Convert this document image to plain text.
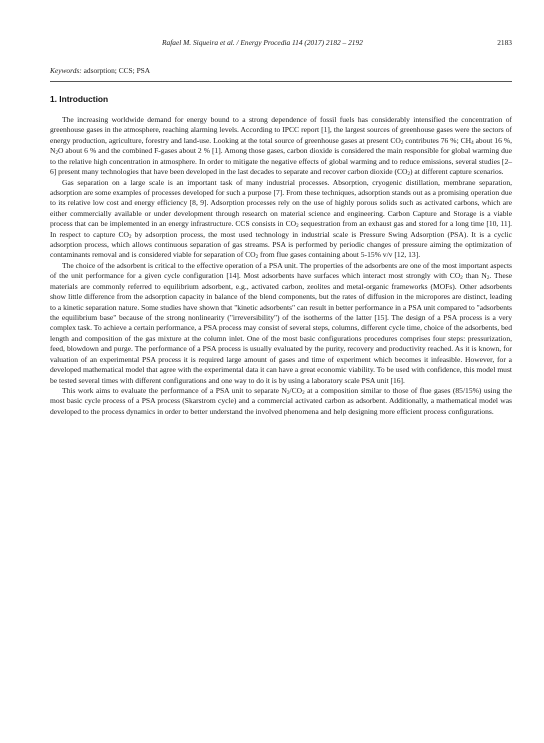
Rafael M. Siqueira et al. / Energy Procedia 114 (2017) 2182 – 2192	2183
Keywords: adsorption; CCS; PSA
1. Introduction

The increasing worldwide demand for energy bound to a strong dependence of fossil fuels has considerably intensified the concentration of greenhouse gases in the atmosphere, reaching alarming levels. According to IPCC report [1], the largest sources of greenhouse gases were the sectors of energy production, agriculture, forestry and land-use. Looking at the total source of greenhouse gases at present $CO_2$ contributes 76 %; $CH_4$ about 16 %, $N_2O$ about 6 % and the combined F-gases about 2 % [1]. Among those gases, carbon dioxide is considered the main responsible for global warming due to the relative high concentration in atmosphere. In order to mitigate the negative effects of global warming and to reduce emissions, several studies [2–6] present many technologies that have been developed in the last decades to separate and recover carbon dioxide $(CO_2)$ at different capture scenarios.

Gas separation on a large scale is an important task of many industrial processes. Absorption, cryogenic distillation, membrane separation, adsorption are some examples of processes developed for such a purpose [7]. From these techniques, adsorption stands out as a promising operation due to its relative low cost and energy efficiency [8, 9]. Adsorption processes rely on the use of highly porous solids such as activated carbons, which are either commercially available or under development through research on material science and engineering. Carbon Capture and Storage is a viable process that can be implemented in an energy infrastructure. CCS consists in $CO_2$ sequestration from an exhaust gas and stored for a long time [10, 11]. In respect to capture $CO_2$ by adsorption process, the most used technology in industrial scale is Pressure Swing Adsorption (PSA). It is a cyclic adsorption process, which allows continuous separation of gas streams. PSA is performed by periodic changes of pressure aiming the optimization of contaminants removal and is considered viable for separation of $CO_2$ from flue gases containing about 5-15% v/v [12, 13].

The choice of the adsorbent is critical to the effective operation of a PSA unit. The properties of the adsorbents are one of the most important aspects of the unit performance for a given cycle configuration [14]. Most adsorbents have surfaces which interact most strongly with $CO_2$ than $N_2$. These materials are commonly referred to equilibrium adsorbent, e.g., activated carbon, zeolites and metal-organic frameworks (MOFs). Other adsorbents show little difference from the adsorption capacity in balance of the blend components, but the rates of diffusion in the micropores are distinct, leading to a kinetic separation nature. Some studies have shown that "kinetic adsorbents" can result in better performance in a PSA unit compared to "adsorbents the equilibrium base" because of the strong nonlinearity ("irreversibility") of the isotherms of the latter [15]. The design of a PSA process is a very complex task. To achieve a certain performance, a PSA process may consist of several steps, columns, different cycle time, choice of the adsorbents, bed length and composition of the gas mixture at the column inlet. One of the most basic configurations procedures comprises four steps: pressurization, feed, blowdown and purge. The performance of a PSA process is usually evaluated by the purity, recovery and productivity reached. As it is known, for valuation of an experimental PSA process it is required large amount of gases and time of experiment which becomes it infeasible. However, for a developed mathematical model that agree with the experimental data it can have a great economic viability. To be used with confidence, this model must be tested several times with different configurations and one way to do it is by using a laboratory scale PSA unit [16].

This work aims to evaluate the performance of a PSA unit to separate $N_2/CO_2$ at a composition similar to those of flue gases (85/15%) using the most basic cycle process of a PSA process (Skarstrom cycle) and a commercial activated carbon as adsorbent. Additionally, a mathematical model was developed to the process dynamics in order to better understand the involved phenomena and help designing more efficient process configurations.
